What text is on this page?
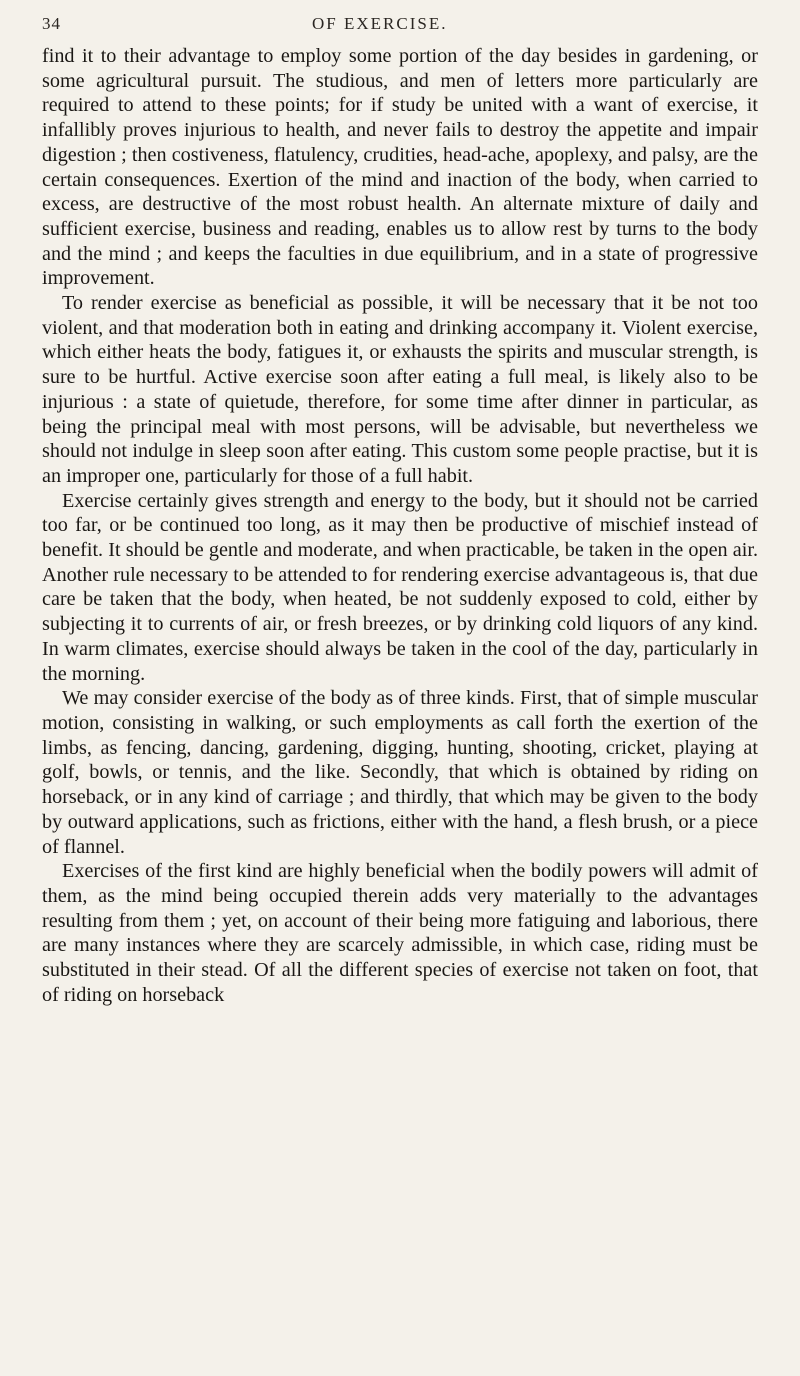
34	OF EXERCISE.

find it to their advantage to employ some portion of the day besides in gardening, or some agricultural pursuit. The studious, and men of letters more particularly are required to attend to these points; for if study be united with a want of exercise, it infallibly proves injurious to health, and never fails to destroy the appetite and impair digestion ; then costiveness, flatulency, crudities, head-ache, apoplexy, and palsy, are the certain consequences. Exertion of the mind and inaction of the body, when carried to excess, are destructive of the most robust health. An alternate mixture of daily and sufficient exercise, business and reading, enables us to allow rest by turns to the body and the mind ; and keeps the faculties in due equilibrium, and in a state of progressive improvement.

To render exercise as beneficial as possible, it will be necessary that it be not too violent, and that moderation both in eating and drinking accompany it. Violent exercise, which either heats the body, fatigues it, or exhausts the spirits and muscular strength, is sure to be hurtful. Active exercise soon after eating a full meal, is likely also to be injurious : a state of quietude, therefore, for some time after dinner in particular, as being the principal meal with most persons, will be advisable, but nevertheless we should not indulge in sleep soon after eating. This custom some people practise, but it is an improper one, particularly for those of a full habit.

Exercise certainly gives strength and energy to the body, but it should not be carried too far, or be continued too long, as it may then be productive of mischief instead of benefit. It should be gentle and moderate, and when practicable, be taken in the open air. Another rule necessary to be attended to for rendering exercise advantageous is, that due care be taken that the body, when heated, be not suddenly exposed to cold, either by subjecting it to currents of air, or fresh breezes, or by drinking cold liquors of any kind. In warm climates, exercise should always be taken in the cool of the day, particularly in the morning.

We may consider exercise of the body as of three kinds. First, that of simple muscular motion, consisting in walking, or such employments as call forth the exertion of the limbs, as fencing, dancing, gardening, digging, hunting, shooting, cricket, playing at golf, bowls, or tennis, and the like. Secondly, that which is obtained by riding on horseback, or in any kind of carriage ; and thirdly, that which may be given to the body by outward applications, such as frictions, either with the hand, a flesh brush, or a piece of flannel.

Exercises of the first kind are highly beneficial when the bodily powers will admit of them, as the mind being occupied therein adds very materially to the advantages resulting from them ; yet, on account of their being more fatiguing and laborious, there are many instances where they are scarcely admissible, in which case, riding must be substituted in their stead. Of all the different species of exercise not taken on foot, that of riding on horseback
